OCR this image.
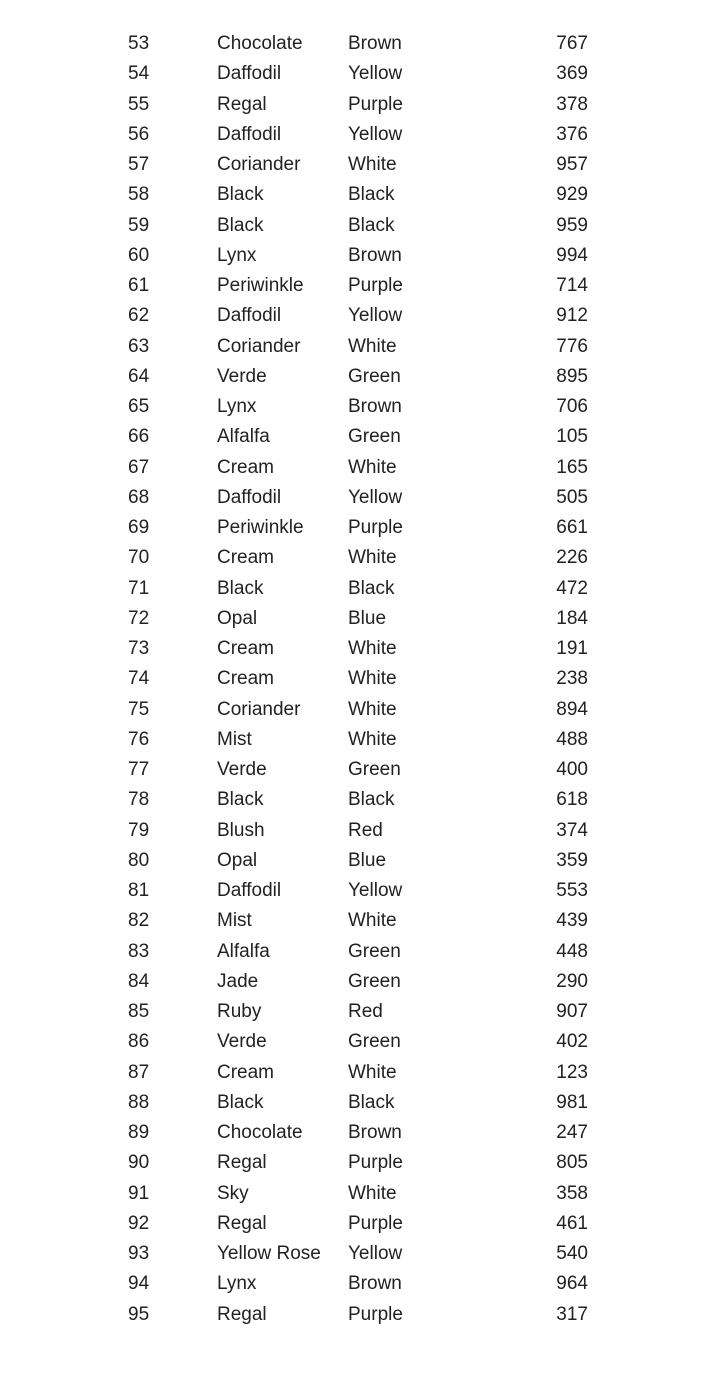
53	Chocolate	Brown	767
54	Daffodil	Yellow	369
55	Regal	Purple	378
56	Daffodil	Yellow	376
57	Coriander	White	957
58	Black	Black	929
59	Black	Black	959
60	Lynx	Brown	994
61	Periwinkle	Purple	714
62	Daffodil	Yellow	912
63	Coriander	White	776
64	Verde	Green	895
65	Lynx	Brown	706
66	Alfalfa	Green	105
67	Cream	White	165
68	Daffodil	Yellow	505
69	Periwinkle	Purple	661
70	Cream	White	226
71	Black	Black	472
72	Opal	Blue	184
73	Cream	White	191
74	Cream	White	238
75	Coriander	White	894
76	Mist	White	488
77	Verde	Green	400
78	Black	Black	618
79	Blush	Red	374
80	Opal	Blue	359
81	Daffodil	Yellow	553
82	Mist	White	439
83	Alfalfa	Green	448
84	Jade	Green	290
85	Ruby	Red	907
86	Verde	Green	402
87	Cream	White	123
88	Black	Black	981
89	Chocolate	Brown	247
90	Regal	Purple	805
91	Sky	White	358
92	Regal	Purple	461
93	Yellow Rose	Yellow	540
94	Lynx	Brown	964
95	Regal	Purple	317
